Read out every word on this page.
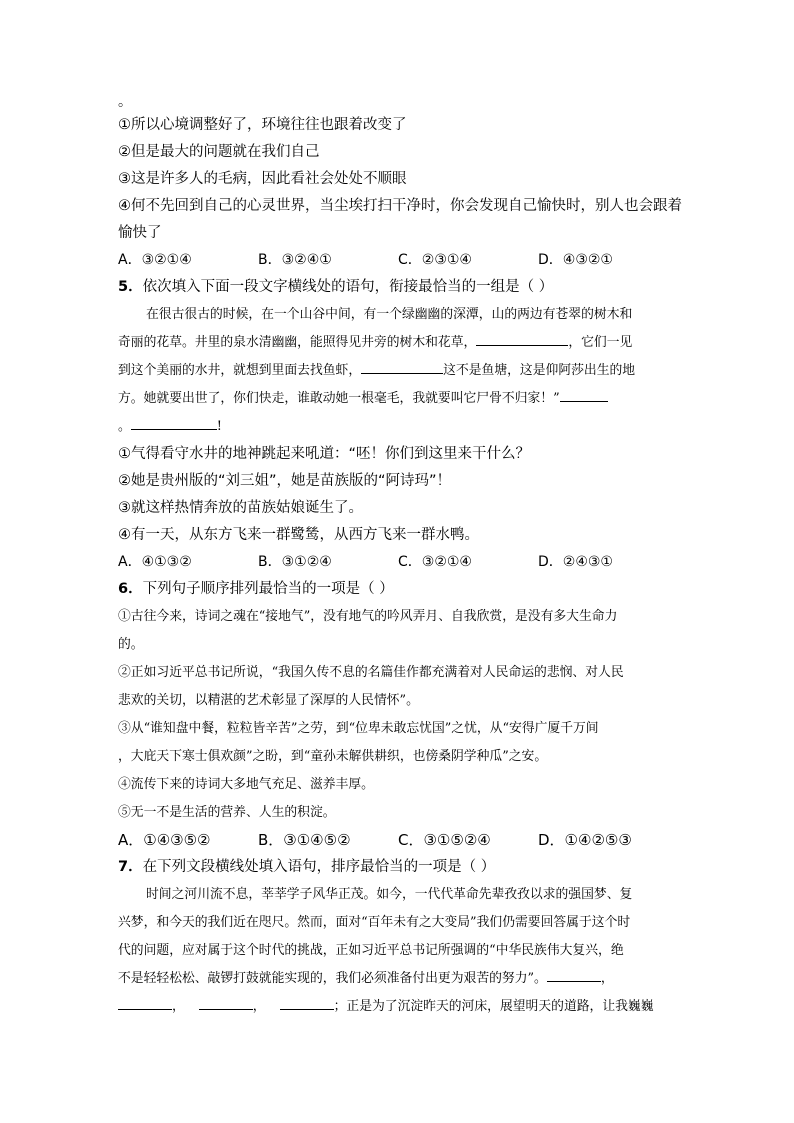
。
①所以心境调整好了，环境往往也跟着改变了
②但是最大的问题就在我们自己
③这是许多人的毛病，因此看社会处处不顺眼
④何不先回到自己的心灵世界，当尘埃打扫干净时，你会发现自己愉快时，别人也会跟着
愉快了
A．③②①④	B．③②④①	C．②③①④	D．④③②①
5．依次填入下面一段文字横线处的语句，衔接最恰当的一组是（ ）
在很古很古的时候，在一个山谷中间，有一个绿幽幽的深潭，山的两边有苍翠的树木和
奇丽的花草。井里的泉水清幽幽，能照得见井旁的树木和花草，	，它们一见
到这个美丽的水井，就想到里面去找鱼虾，	这不是鱼塘，这是仰阿莎出生的地
方。她就要出世了，你们快走，谁敢动她一根毫毛，我就要叫它尸骨不归家！”
。	!
①气得看守水井的地神跳起来吼道：“呸！你们到这里来干什么？
②她是贵州版的“刘三姐”，她是苗族版的“阿诗玛”！
③就这样热情奔放的苗族姑娘诞生了。
④有一天，从东方飞来一群鹭鸶，从西方飞来一群水鸭。
A．④①③②	B．③①②④	C．③②①④	D．②④③①
6．下列句子顺序排列最恰当的一项是（ ）
①古往今来，诗词之魂在“接地气”，没有地气的吟风弄月、自我欣赏，是没有多大生命力
的。
②正如习近平总书记所说，“我国久传不息的名篇佳作都充满着对人民命运的悲悯、对人民
悲欢的关切，以精湛的艺术彰显了深厚的人民情怀”。
③从“谁知盘中餐，粒粒皆辛苦”之劳，到“位卑未敢忘忧国”之忧，从“安得广厦千万间
，大庇天下寒士俱欢颜”之盼，到“童孙未解供耕织，也傍桑阴学种瓜”之安。
④流传下来的诗词大多地气充足、滋养丰厚。
⑤无一不是生活的营养、人生的积淀。
A．①④③⑤②	B．③①④⑤②	C．③①⑤②④	D．①④②⑤③
7．在下列文段横线处填入语句，排序最恰当的一项是（ ）
时间之河川流不息，莘莘学子风华正茂。如今，一代代革命先辈孜孜以求的强国梦、复
兴梦，和今天的我们近在咫尺。然而，面对“百年未有之大变局”我们仍需要回答属于这个时
代的问题，应对属于这个时代的挑战，正如习近平总书记所强调的“中华民族伟大复兴，绝
不是轻轻松松、敲锣打鼓就能实现的，我们必须准备付出更为艰苦的努力”。	，
，	，	；正是为了沉淀昨天的河床，展望明天的道路，让我巍巍
